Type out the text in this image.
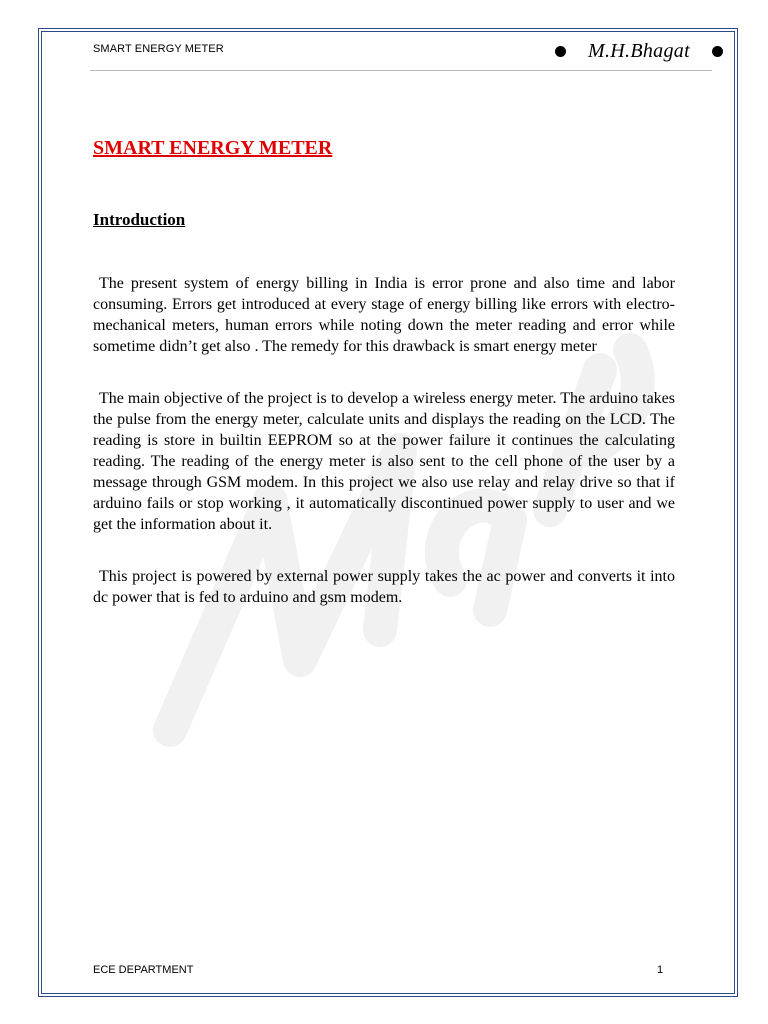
SMART ENERGY METER	M.H.Bhagat
SMART ENERGY METER
Introduction

The present system of energy billing in India is error prone and also time and labor consuming. Errors get introduced at every stage of energy billing like errors with electro-mechanical meters, human errors while noting down the meter reading and error while sometime didn’t get also . The remedy for this drawback is smart energy meter

The main objective of the project is to develop a wireless energy meter. The arduino takes the pulse from the energy meter, calculate units and displays the reading on the LCD. The reading is store in builtin EEPROM so at the power failure it continues the calculating reading. The reading of the energy meter is also sent to the cell phone of the user by a message through GSM modem. In this project we also use relay and relay drive so that if arduino fails or stop working , it automatically discontinued power supply to user and we get the information about it.

This project is powered by external power supply takes the ac power and converts it into dc power that is fed to arduino and gsm modem.

ECE DEPARTMENT	1
